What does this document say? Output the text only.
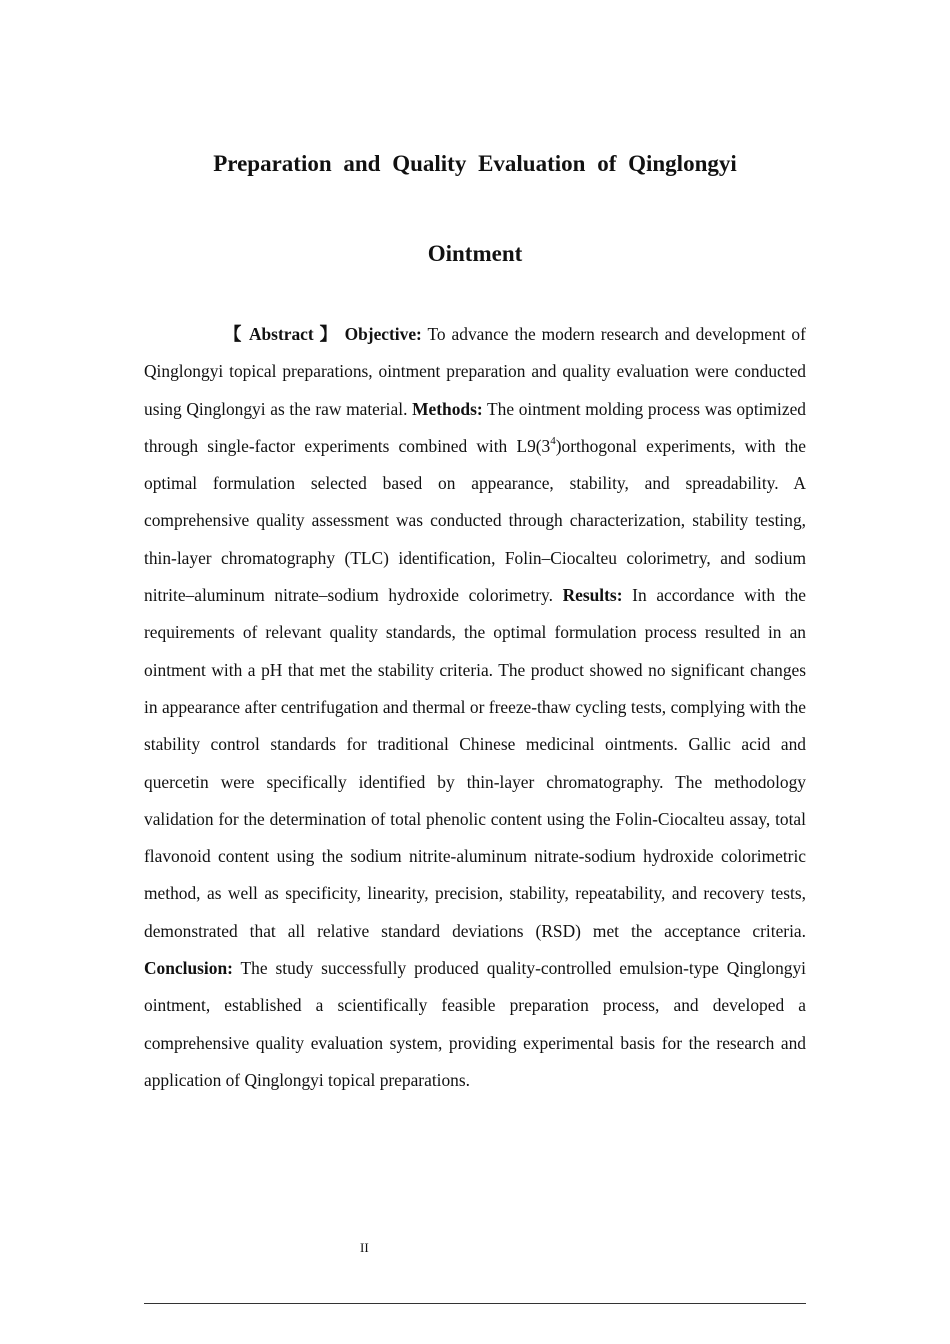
Preparation and Quality Evaluation of Qinglongyi
Ointment

【 Abstract 】 Objective: To advance the modern research and development of Qinglongyi topical preparations, ointment preparation and quality evaluation were conducted using Qinglongyi as the raw material. Methods: The ointment molding process was optimized through single-factor experiments combined with $L9(3^4)orthogonal$ experiments, with the optimal formulation selected based on appearance, stability, and spreadability. A comprehensive quality assessment was conducted through characterization, stability testing, thin-layer chromatography (TLC) identification, Folin–Ciocalteu colorimetry, and sodium nitrite–aluminum nitrate–sodium hydroxide colorimetry. Results: In accordance with the requirements of relevant quality standards, the optimal formulation process resulted in an ointment with a pH that met the stability criteria. The product showed no significant changes in appearance after centrifugation and thermal or freeze-thaw cycling tests, complying with the stability control standards for traditional Chinese medicinal ointments. Gallic acid and quercetin were specifically identified by thin-layer chromatography. The methodology validation for the determination of total phenolic content using the Folin-Ciocalteu assay, total flavonoid content using the sodium nitrite-aluminum nitrate-sodium hydroxide colorimetric method, as well as specificity, linearity, precision, stability, repeatability, and recovery tests, demonstrated that all relative standard deviations (RSD) met the acceptance criteria. Conclusion: The study successfully produced quality-controlled emulsion-type Qinglongyi ointment, established a scientifically feasible preparation process, and developed a comprehensive quality evaluation system, providing experimental basis for the research and application of Qinglongyi topical preparations.

II
